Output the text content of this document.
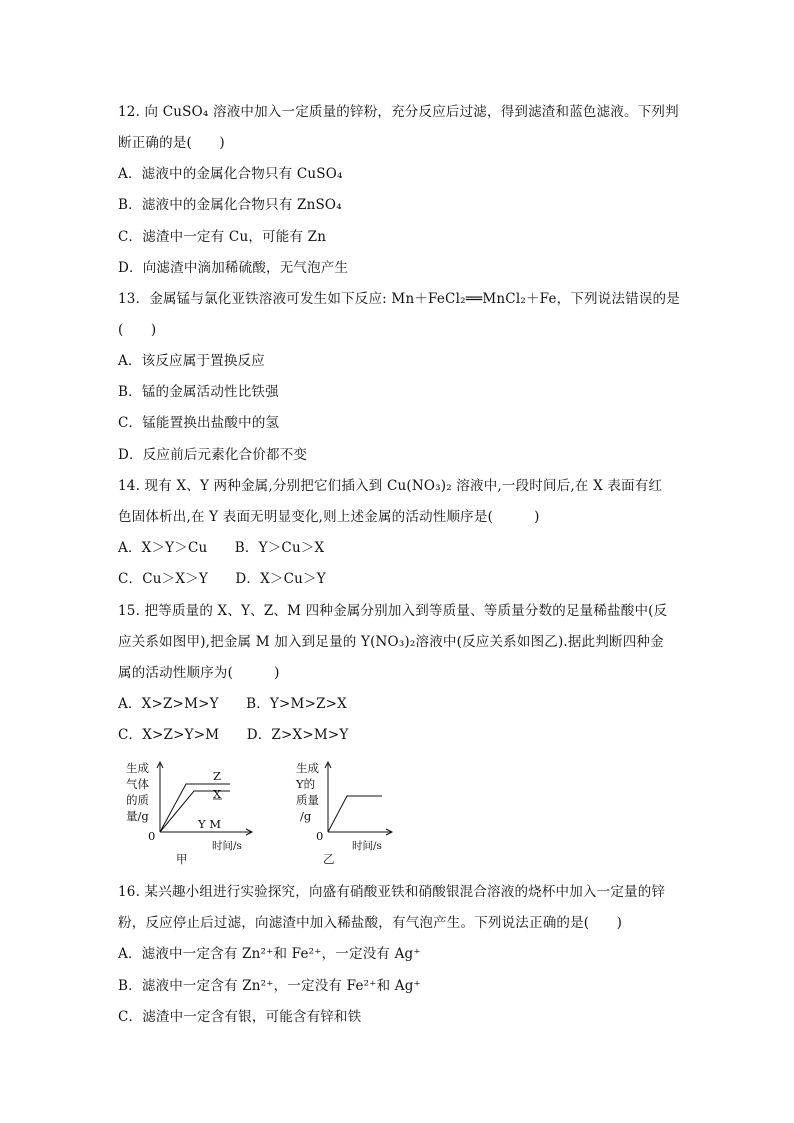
12. 向 CuSO₄ 溶液中加入一定质量的锌粉，充分反应后过滤，得到滤渣和蓝色滤液。下列判
断正确的是(　　)
A．滤液中的金属化合物只有 CuSO₄
B．滤液中的金属化合物只有 ZnSO₄
C．滤渣中一定有 Cu，可能有 Zn
D．向滤渣中滴加稀硫酸，无气泡产生
13．金属锰与氯化亚铁溶液可发生如下反应: Mn＋FeCl₂══MnCl₂＋Fe，下列说法错误的是
(　　)
A．该反应属于置换反应
B．锰的金属活动性比铁强
C．锰能置换出盐酸中的氢
D．反应前后元素化合价都不变
14. 现有 X、Y 两种金属,分别把它们插入到 Cu(NO₃)₂ 溶液中,一段时间后,在 X 表面有红
色固体析出,在 Y 表面无明显变化,则上述金属的活动性顺序是(　　　)
A．X＞Y＞Cu　　B．Y＞Cu＞X
C．Cu＞X＞Y　　D．X＞Cu＞Y
15. 把等质量的 X、Y、Z、M 四种金属分别加入到等质量、等质量分数的足量稀盐酸中(反
应关系如图甲),把金属 M 加入到足量的 Y(NO₃)₂溶液中(反应关系如图乙).据此判断四种金
属的活动性顺序为(　　　)
A．X>Z>M>Y　　B．Y>M>Z>X
C．X>Z>Y>M　　D．Z>X>M>Y
生成
气体
的质
量/g
0
Z
X
Y M
时间/s
甲
生成
Y的
质量
/g
0
时间/s
乙
16. 某兴趣小组进行实验探究，向盛有硝酸亚铁和硝酸银混合溶液的烧杯中加入一定量的锌
粉，反应停止后过滤，向滤渣中加入稀盐酸，有气泡产生。下列说法正确的是(　　)
A．滤液中一定含有 Zn²⁺和 Fe²⁺，一定没有 Ag⁺
B．滤液中一定含有 Zn²⁺，一定没有 Fe²⁺和 Ag⁺
C．滤渣中一定含有银，可能含有锌和铁
